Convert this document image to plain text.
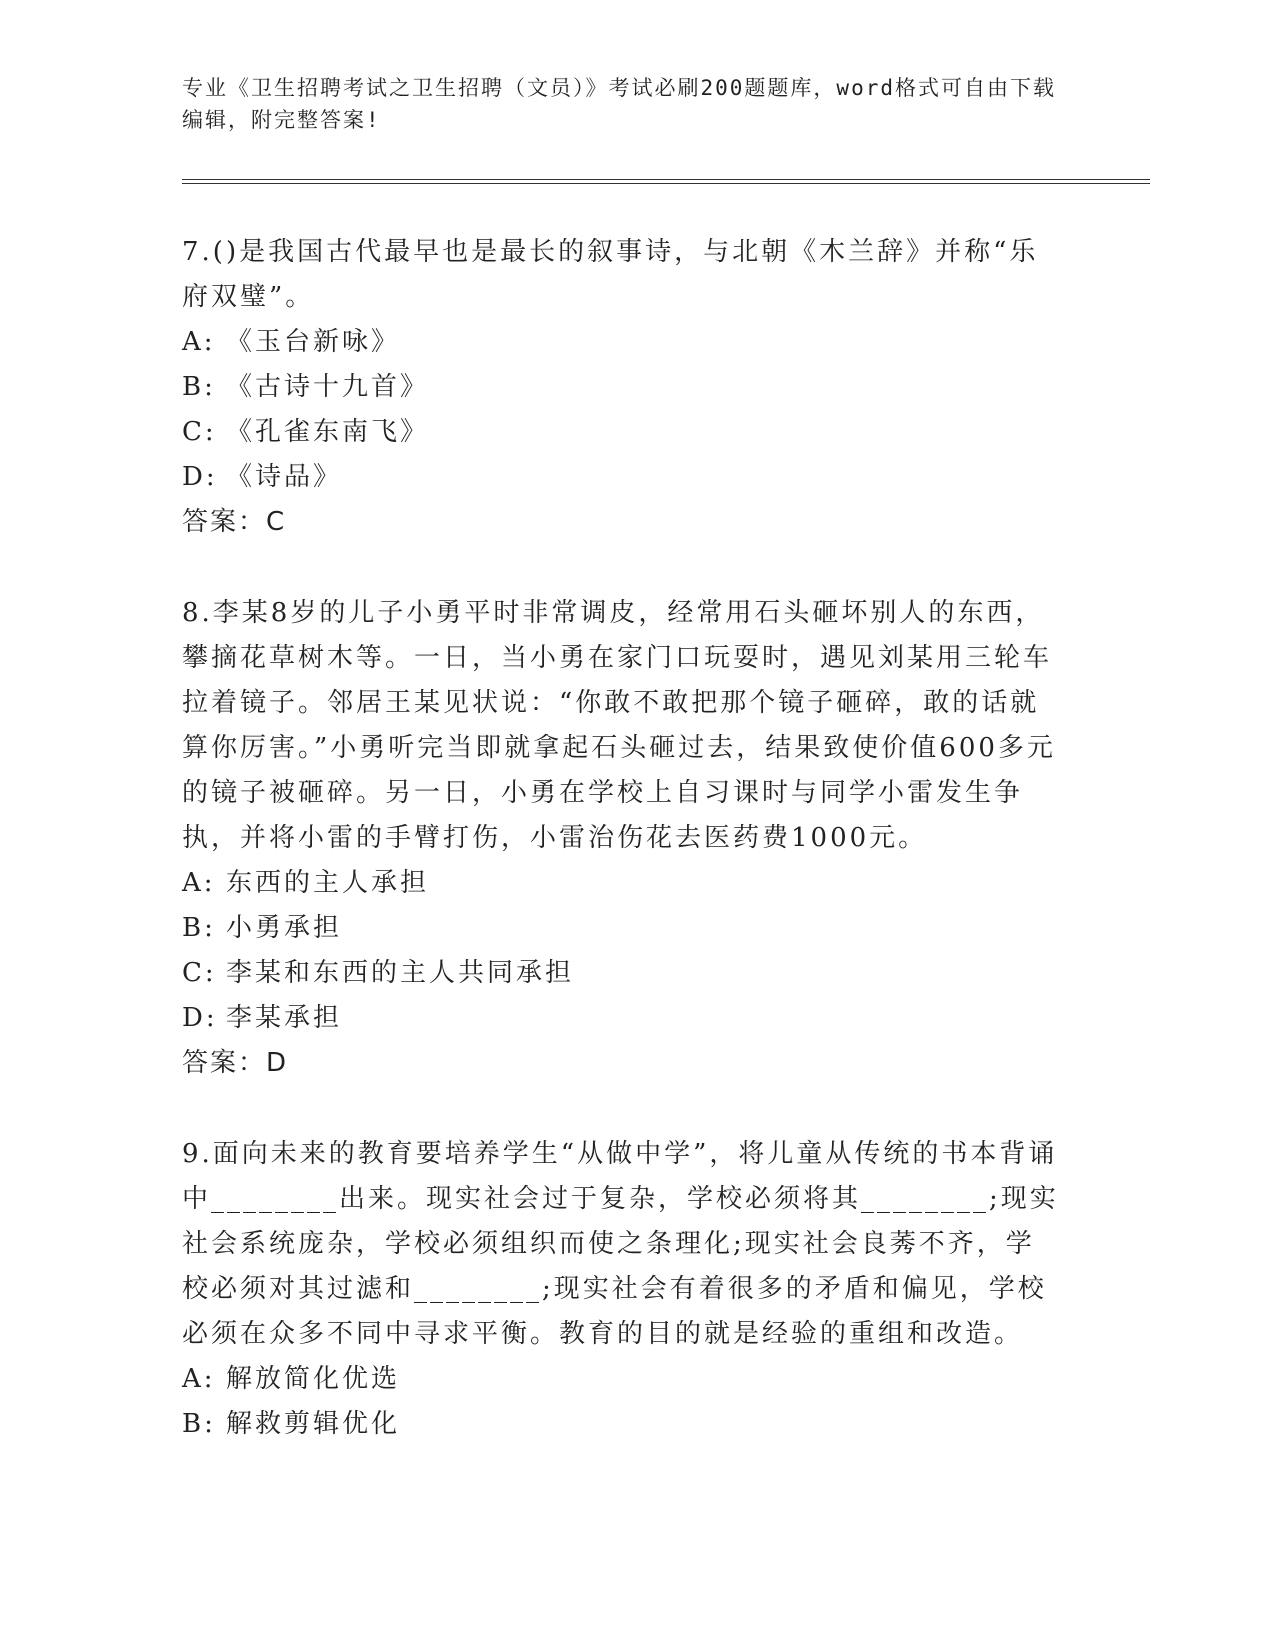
专业《卫生招聘考试之卫生招聘（文员）》考试必刷200题题库，word格式可自由下载编辑，附完整答案!

7.()是我国古代最早也是最长的叙事诗，与北朝《木兰辞》并称“乐府双璧”。

A: 《玉台新咏》

B: 《古诗十九首》

C: 《孔雀东南飞》

D: 《诗品》

答案：C

8.李某8岁的儿子小勇平时非常调皮，经常用石头砸坏别人的东西，攀摘花草树木等。一日，当小勇在家门口玩耍时，遇见刘某用三轮车拉着镜子。邻居王某见状说：“你敢不敢把那个镜子砸碎，敢的话就算你厉害。”小勇听完当即就拿起石头砸过去，结果致使价值600多元的镜子被砸碎。另一日，小勇在学校上自习课时与同学小雷发生争执，并将小雷的手臂打伤，小雷治伤花去医药费1000元。

A: 东西的主人承担

B: 小勇承担

C: 李某和东西的主人共同承担

D: 李某承担

答案：D

9.面向未来的教育要培养学生“从做中学”，将儿童从传统的书本背诵中________出来。现实社会过于复杂，学校必须将其________;现实社会系统庞杂，学校必须组织而使之条理化;现实社会良莠不齐，学校必须对其过滤和________;现实社会有着很多的矛盾和偏见，学校必须在众多不同中寻求平衡。教育的目的就是经验的重组和改造。

A: 解放简化优选

B: 解救剪辑优化
